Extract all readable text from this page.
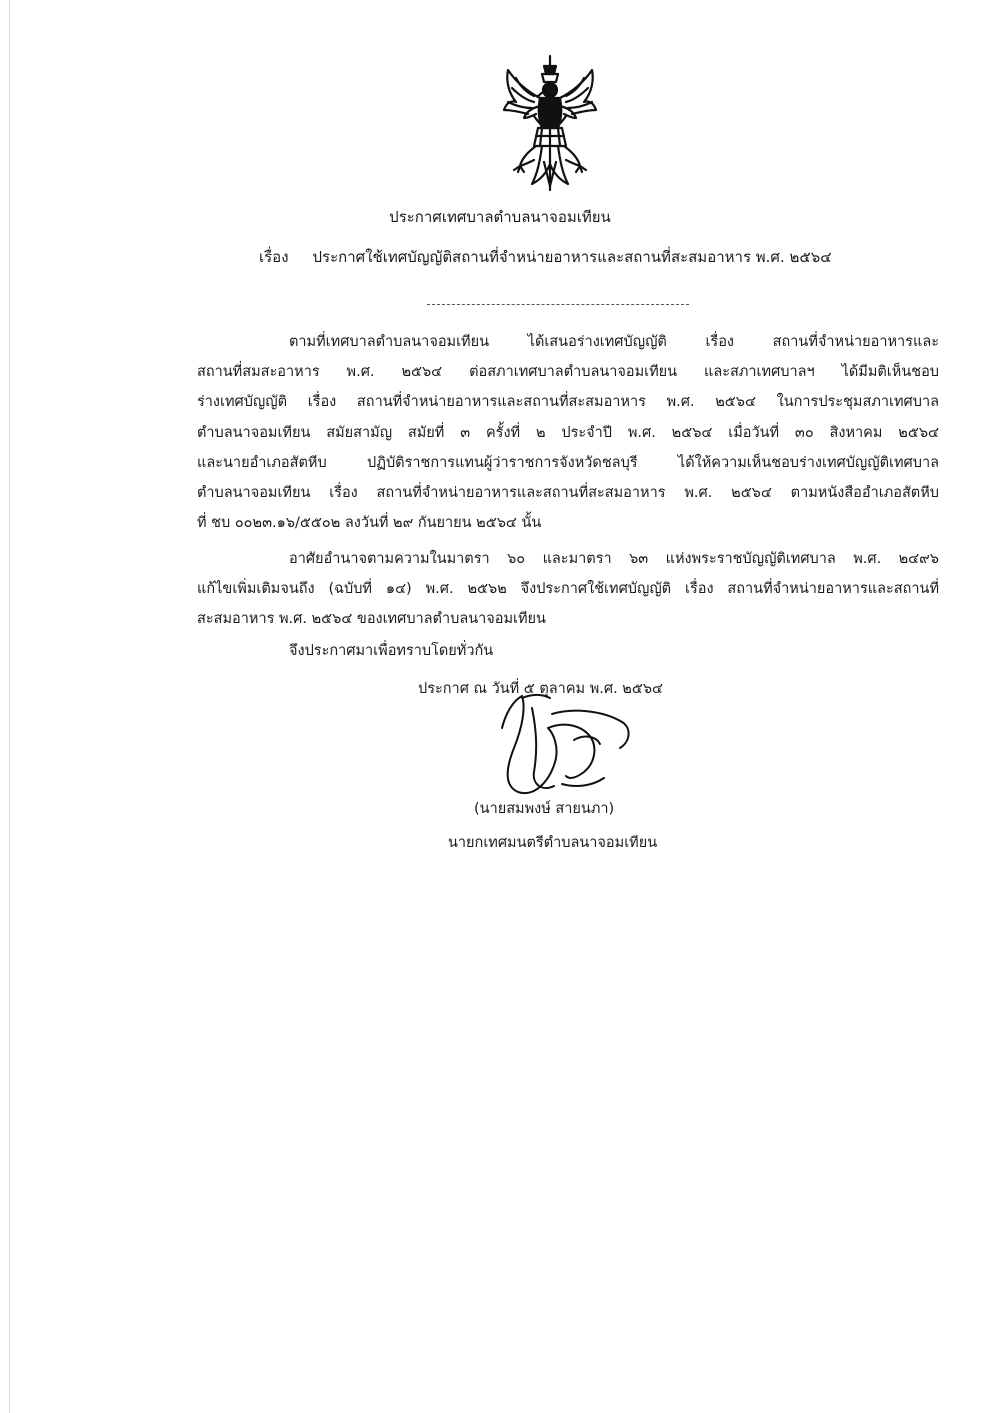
ประกาศเทศบาลตำบลนาจอมเทียน
เรื่อง ประกาศใช้เทศบัญญัติสถานที่จำหน่ายอาหารและสถานที่สะสมอาหาร พ.ศ. ๒๕๖๔
ตามที่เทศบาลตำบลนาจอมเทียน ได้เสนอร่างเทศบัญญัติ เรื่อง สถานที่จำหน่ายอาหารและ
สถานที่สมสะอาหาร พ.ศ. ๒๕๖๔ ต่อสภาเทศบาลตำบลนาจอมเทียน และสภาเทศบาลฯ ได้มีมติเห็นชอบ
ร่างเทศบัญญัติ เรื่อง สถานที่จำหน่ายอาหารและสถานที่สะสมอาหาร พ.ศ. ๒๕๖๔ ในการประชุมสภาเทศบาล
ตำบลนาจอมเทียน สมัยสามัญ สมัยที่ ๓ ครั้งที่ ๒ ประจำปี พ.ศ. ๒๕๖๔ เมื่อวันที่ ๓๐ สิงหาคม ๒๕๖๔
และนายอำเภอสัตหีบ ปฏิบัติราชการแทนผู้ว่าราชการจังหวัดชลบุรี ได้ให้ความเห็นชอบร่างเทศบัญญัติเทศบาล
ตำบลนาจอมเทียน เรื่อง สถานที่จำหน่ายอาหารและสถานที่สะสมอาหาร พ.ศ. ๒๕๖๔ ตามหนังสืออำเภอสัตหีบ
ที่ ชบ ๐๐๒๓.๑๖/๕๕๐๒ ลงวันที่ ๒๙ กันยายน ๒๕๖๔ นั้น
อาศัยอำนาจตามความในมาตรา ๖๐ และมาตรา ๖๓ แห่งพระราชบัญญัติเทศบาล พ.ศ. ๒๔๙๖
แก้ไขเพิ่มเติมจนถึง (ฉบับที่ ๑๔) พ.ศ. ๒๕๖๒ จึงประกาศใช้เทศบัญญัติ เรื่อง สถานที่จำหน่ายอาหารและสถานที่
สะสมอาหาร พ.ศ. ๒๕๖๔ ของเทศบาลตำบลนาจอมเทียน
จึงประกาศมาเพื่อทราบโดยทั่วกัน
ประกาศ ณ วันที่ ๕ ตุลาคม พ.ศ. ๒๕๖๔
(นายสมพงษ์ สายนภา)
นายกเทศมนตรีตำบลนาจอมเทียน
